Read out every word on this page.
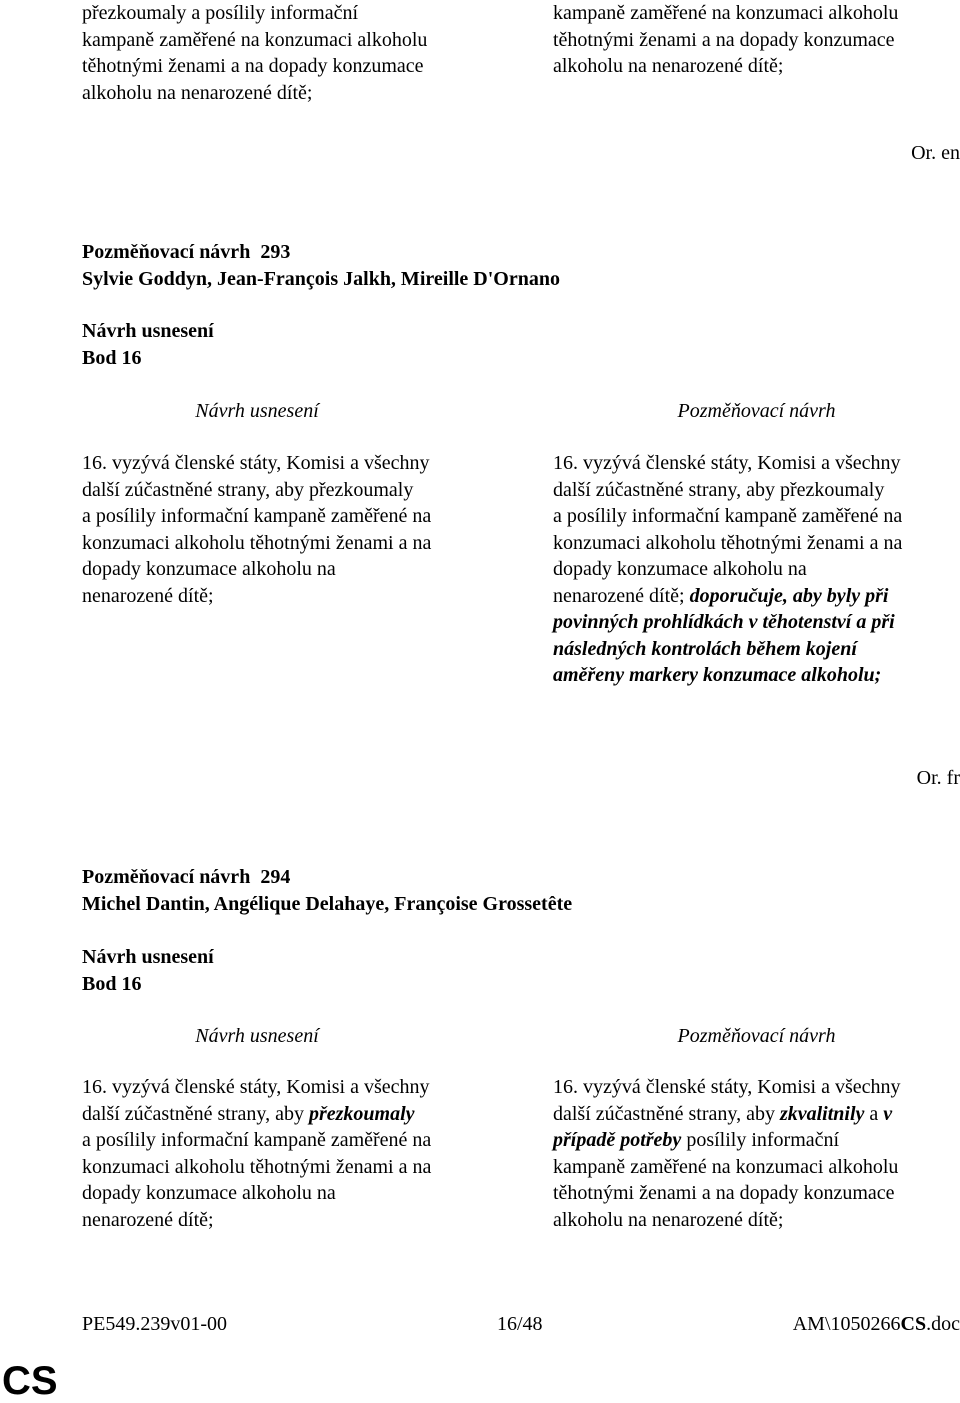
přezkoumaly a posílily informační
kampaně zaměřené na konzumaci alkoholu
těhotnými ženami a na dopady konzumace
alkoholu na nenarozené dítě;

kampaně zaměřené na konzumaci alkoholu
těhotnými ženami a na dopady konzumace
alkoholu na nenarozené dítě;

Or. en

Pozměňovací návrh 293
Sylvie Goddyn, Jean-François Jalkh, Mireille D'Ornano
Návrh usnesení
Bod 16
Návrh usnesení	Pozměňovací návrh

16. vyzývá členské státy, Komisi a všechny
další zúčastněné strany, aby přezkoumaly
a posílily informační kampaně zaměřené na
konzumaci alkoholu těhotnými ženami a na
dopady konzumace alkoholu na
nenarozené dítě;

16. vyzývá členské státy, Komisi a všechny
další zúčastněné strany, aby přezkoumaly
a posílily informační kampaně zaměřené na
konzumaci alkoholu těhotnými ženami a na
dopady konzumace alkoholu na
nenarozené dítě; doporučuje, aby byly při
povinných prohlídkách v těhotenství a při
následných kontrolách během kojení
aměřeny markery konzumace alkoholu;

Or. fr

Pozměňovací návrh 294
Michel Dantin, Angélique Delahaye, Françoise Grossetête
Návrh usnesení
Bod 16
Návrh usnesení	Pozměňovací návrh
16. vyzývá členské státy, Komisi a všechny
další zúčastněné strany, aby přezkoumaly
a posílily informační kampaně zaměřené na
konzumaci alkoholu těhotnými ženami a na
dopady konzumace alkoholu na
nenarozené dítě;
16. vyzývá členské státy, Komisi a všechny
další zúčastněné strany, aby zkvalitnily a v
případě potřeby posílily informační
kampaně zaměřené na konzumaci alkoholu
těhotnými ženami a na dopady konzumace
alkoholu na nenarozené dítě;
PE549.239v01-00	16/48	AM\1050266CS.doc
CS
